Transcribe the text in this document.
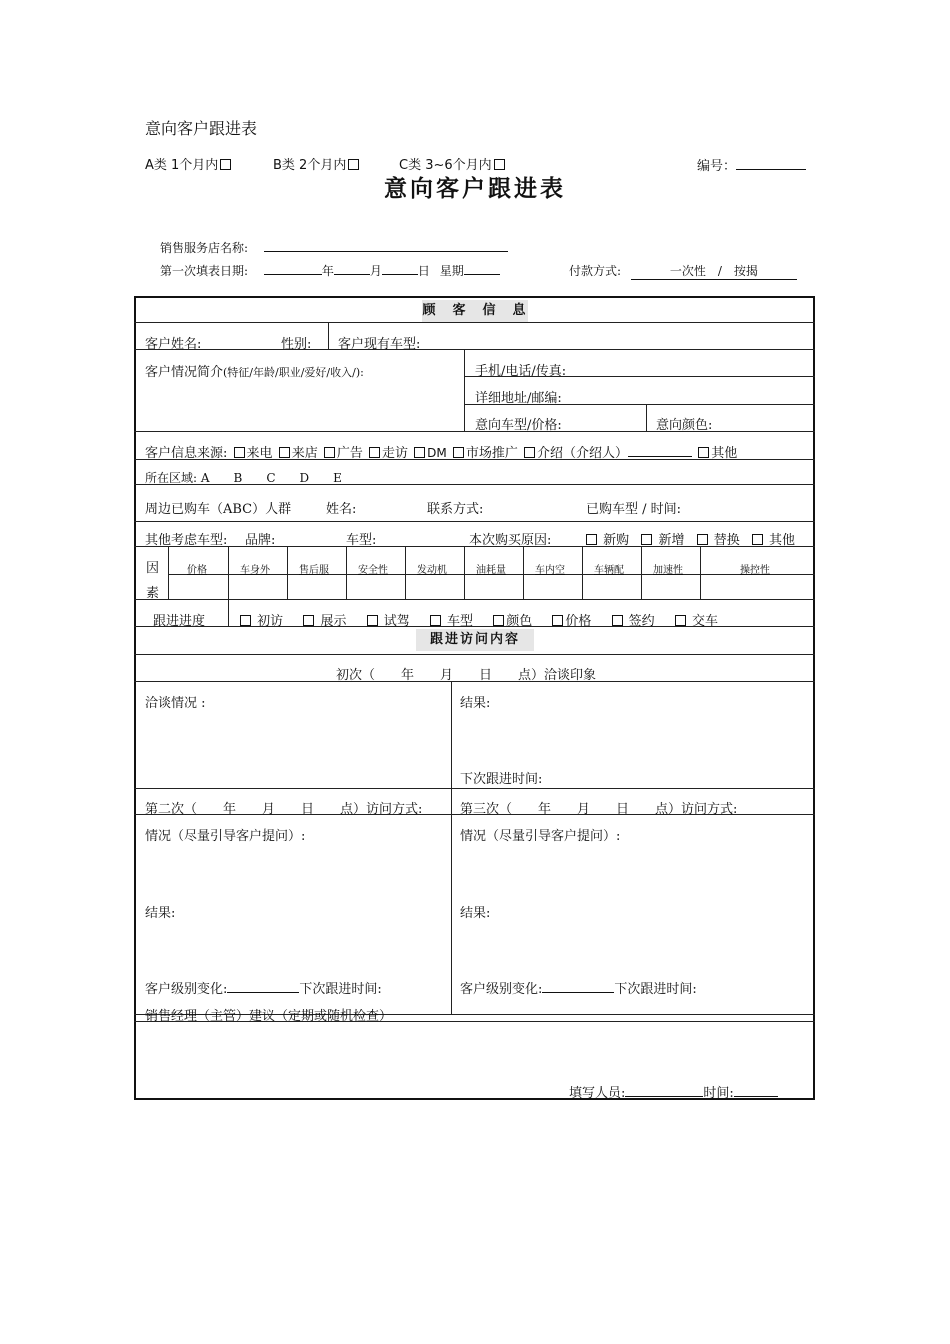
意向客户跟进表
A类 1个月内	B类 2个月内	C类 3~6个月内	编号：
意向客户跟进表
销售服务店名称:
第一次填表日期:	年	月	日 星期	付款方式:	一次性　/　按揭
顾　客　信　息
客户姓名:	性别: 客户现有车型:
客户情况简介(特征/年龄/职业/爱好/收入/):	手机/电话/传真:
详细地址/邮编:
意向车型/价格:	意向颜色:
客户信息来源: 来电 来店 广告 走访 DM 市场推广 介绍（介绍人）	其他
所在区域: A　　B　　C　　D　　E
周边已购车（ABC）人群	姓名:	联系方式:	已购车型 / 时间:
其他考虑车型: 品牌:	车型:	本次购买原因:	新购 新增 替换 其他
因
素
价格	车身外	售后服	安全性	发动机	油耗量	车内空	车辆配	加速性	操控性
跟进进度	初访	展示	试驾	车型	颜色	价格	签约	交车
跟进访问内容
初次（　　年　　月　　日　　点）洽谈印象
洽谈情况 :	结果:
下次跟进时间:
第二次（　　年　　月　　日　　点）访问方式:	第三次（　　年　　月　　日　　点）访问方式:
情况（尽量引导客户提问）:	情况（尽量引导客户提问）:
结果:	结果:
客户级别变化:	下次跟进时间:	客户级别变化:	下次跟进时间:
销售经理（主管）建议（定期或随机检查）
填写人员:	时间:
